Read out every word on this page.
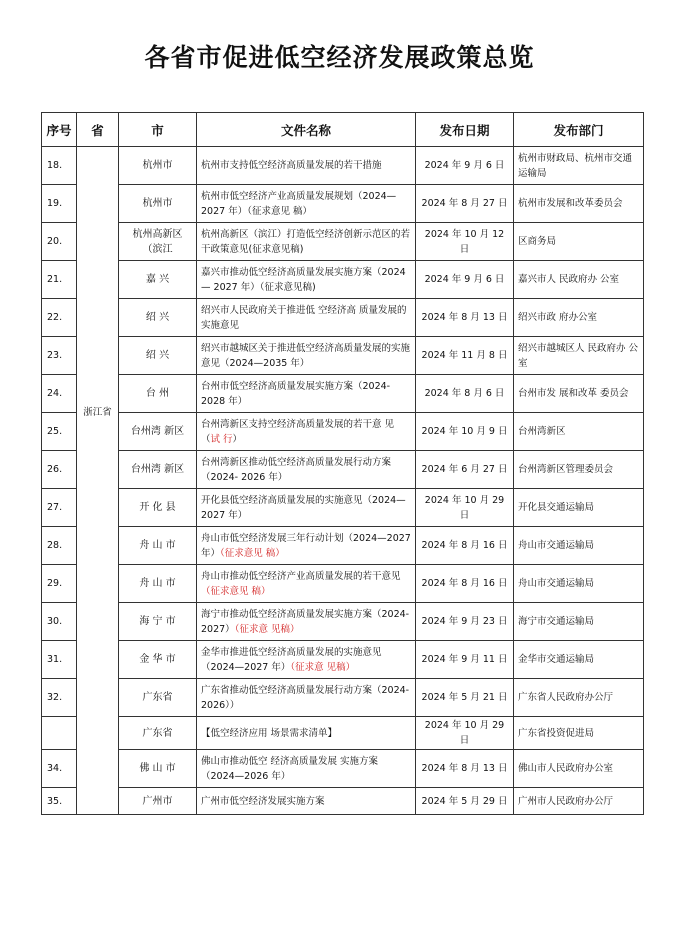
各省市促进低空经济发展政策总览
序号	省	市	文件名称	发布日期	发布部门
18.	浙江省	杭州市	杭州市支持低空经济高质量发展的若干措施	2024 年 9 月 6 日	杭州市财政局、杭州市交通运输局
19.		杭州市	杭州市低空经济产业高质量发展规划（2024— 2027 年）（征求意见 稿）	2024 年 8 月 27 日	杭州市发展和改革委员会
20.		杭州高新区（滨江	杭州高新区（滨江）打造低空经济创新示范区的若干政策意见(征求意见稿)	2024 年 10 月 12 日	区商务局
21.		嘉 兴	嘉兴市推动低空经济高质量发展实施方案（2024— 2027 年）（征求意见稿)	2024 年 9 月 6 日	嘉兴市人 民政府办 公室
22.		绍 兴	绍兴市人民政府关于推进低 空经济高 质量发展的实施意见	2024 年 8 月 13 日	绍兴市政 府办公室
23.		绍 兴	绍兴市越城区关于推进低空经济高质量发展的实施意见（2024—2035 年）	2024 年 11 月 8 日	绍兴市越城区人 民政府办 公室
24.		台 州	台州市低空经济高质量发展实施方案（2024- 2028 年）	2024 年 8 月 6 日	台州市发 展和改革 委员会
25.		台州湾 新区	台州湾新区支持空经济高质量发展的若干意 见（试 行）	2024 年 10 月 9 日	台州湾新区
26.		台州湾 新区	台州湾新区推动低空经济高质量发展行动方案（2024- 2026 年）	2024 年 6 月 27 日	台州湾新区管理委员会
27.		开 化 县	开化县低空经济高质量发展的实施意见（2024—2027 年）	2024 年 10 月 29 日	开化县交通运输局
28.		舟 山 市	舟山市低空经济发展三年行动计划（2024—2027 年）（征求意见 稿）	2024 年 8 月 16 日	舟山市交通运输局
29.		舟 山 市	舟山市推动低空经济产业高质量发展的若干意见（征求意见 稿）	2024 年 8 月 16 日	舟山市交通运输局
30.		海 宁 市	海宁市推动低空经济高质量发展实施方案（2024- 2027）（征求意 见稿）	2024 年 9 月 23 日	海宁市交通运输局
31.		金 华 市	金华市推进低空经济高质量发展的实施意见（2024—2027 年）（征求意 见稿）	2024 年 9 月 11 日	金华市交通运输局
32.		广东省	广东省推动低空经济高质量发展行动方案（2024-2026））	2024 年 5 月 21 日	广东省人民政府办公厅
		广东省	【低空经济应用 场景需求清单】	2024 年 10 月 29 日	广东省投资促进局
34.		佛 山 市	佛山市推动低空 经济高质量发展 实施方案（2024—2026 年）	2024 年 8 月 13 日	佛山市人民政府办公室
35.		广州市	广州市低空经济发展实施方案	2024 年 5 月 29 日	广州市人民政府办公厅
